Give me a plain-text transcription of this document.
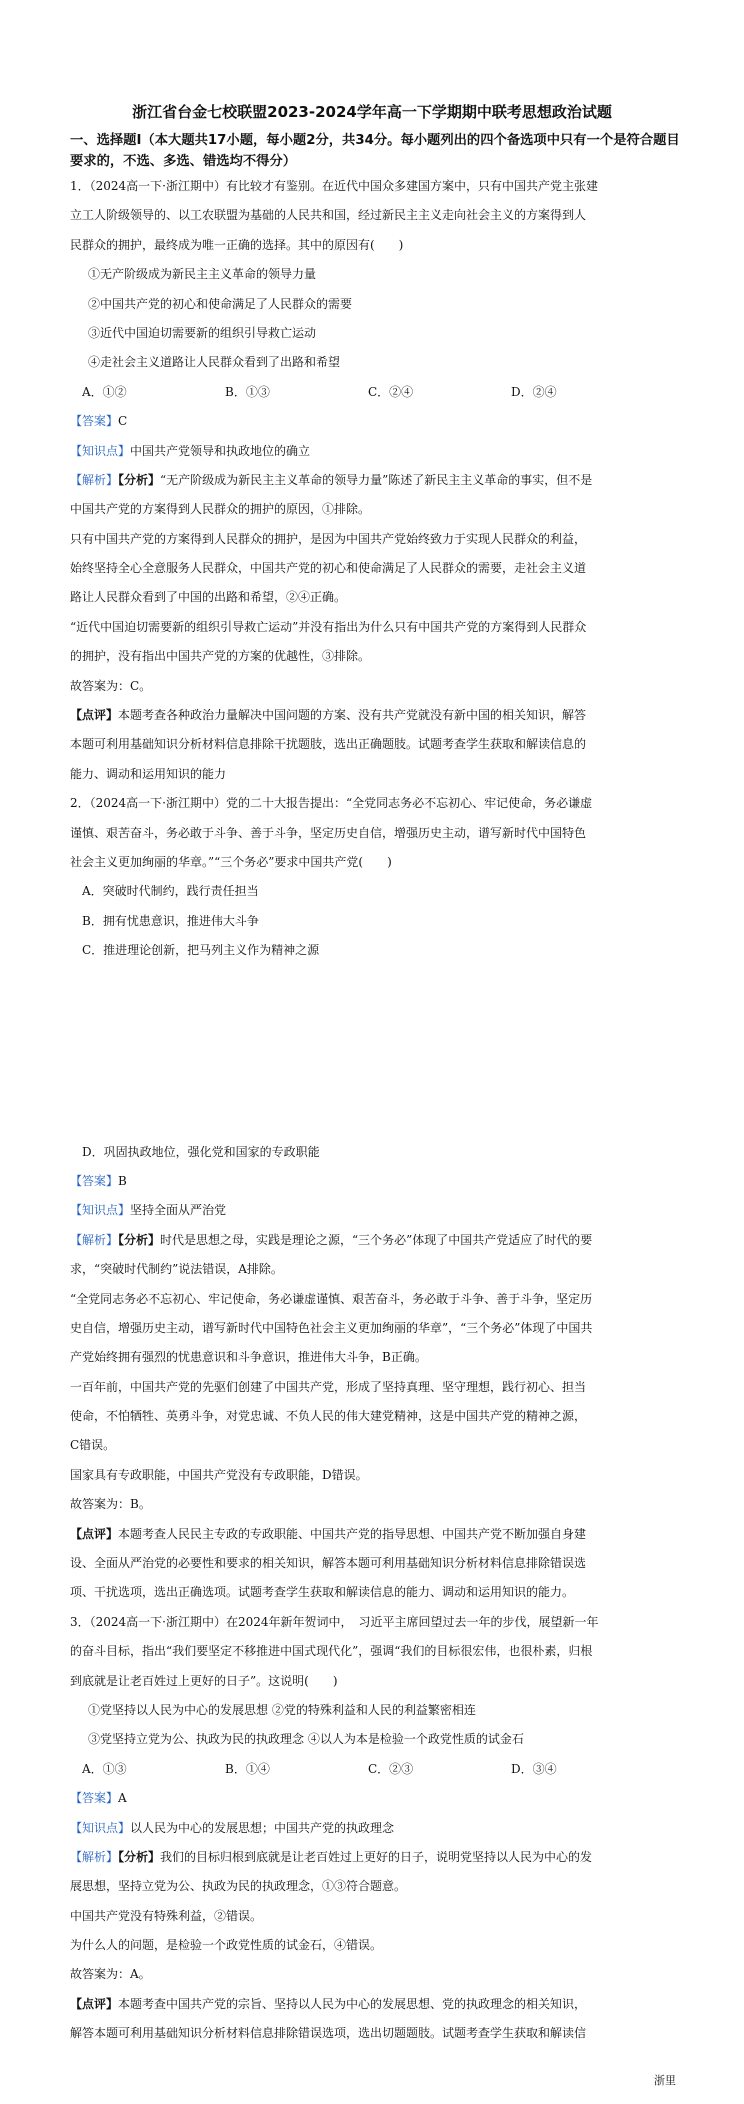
浙江省台金七校联盟2023-2024学年高一下学期期中联考思想政治试题
一、选择题Ⅰ（本大题共17小题，每小题2分，共34分。每小题列出的四个备选项中只有一个是符合题目要求的，不选、多选、错选均不得分）
1．（2024高一下·浙江期中）有比较才有鉴别。在近代中国众多建国方案中，只有中国共产党主张建
立工人阶级领导的、以工农联盟为基础的人民共和国，经过新民主主义走向社会主义的方案得到人
民群众的拥护，最终成为唯一正确的选择。其中的原因有(　　)
①无产阶级成为新民主主义革命的领导力量
②中国共产党的初心和使命满足了人民群众的需要
③近代中国迫切需要新的组织引导救亡运动
④走社会主义道路让人民群众看到了出路和希望
A．①②	B．①③	C．②④	D．②④
【答案】C
【知识点】中国共产党领导和执政地位的确立
【解析】【分析】“无产阶级成为新民主主义革命的领导力量”陈述了新民主主义革命的事实，但不是
中国共产党的方案得到人民群众的拥护的原因，①排除。
只有中国共产党的方案得到人民群众的拥护，是因为中国共产党始终致力于实现人民群众的利益，
始终坚持全心全意服务人民群众，中国共产党的初心和使命满足了人民群众的需要，走社会主义道
路让人民群众看到了中国的出路和希望，②④正确。
“近代中国迫切需要新的组织引导救亡运动”并没有指出为什么只有中国共产党的方案得到人民群众
的拥护，没有指出中国共产党的方案的优越性，③排除。
故答案为：C。
【点评】本题考查各种政治力量解决中国问题的方案、没有共产党就没有新中国的相关知识，解答
本题可利用基础知识分析材料信息排除干扰题肢，选出正确题肢。试题考查学生获取和解读信息的
能力、调动和运用知识的能力
2．（2024高一下·浙江期中）党的二十大报告提出：“全党同志务必不忘初心、牢记使命，务必谦虚
谨慎、艰苦奋斗，务必敢于斗争、善于斗争，坚定历史自信，增强历史主动，谱写新时代中国特色
社会主义更加绚丽的华章。”“三个务必”要求中国共产党(　　)
A．突破时代制约，践行责任担当
B．拥有忧患意识，推进伟大斗争
C．推进理论创新，把马列主义作为精神之源
D．巩固执政地位，强化党和国家的专政职能
【答案】B
【知识点】坚持全面从严治党
【解析】【分析】时代是思想之母，实践是理论之源，“三个务必”体现了中国共产党适应了时代的要
求，“突破时代制约”说法错误，A排除。
“全党同志务必不忘初心、牢记使命，务必谦虚谨慎、艰苦奋斗，务必敢于斗争、善于斗争，坚定历
史自信，增强历史主动，谱写新时代中国特色社会主义更加绚丽的华章”，“三个务必”体现了中国共
产党始终拥有强烈的忧患意识和斗争意识，推进伟大斗争，B正确。
一百年前，中国共产党的先驱们创建了中国共产党，形成了坚持真理、坚守理想，践行初心、担当
使命，不怕牺牲、英勇斗争，对党忠诚、不负人民的伟大建党精神，这是中国共产党的精神之源，
C错误。
国家具有专政职能，中国共产党没有专政职能，D错误。
故答案为：B。
【点评】本题考查人民民主专政的专政职能、中国共产党的指导思想、中国共产党不断加强自身建
设、全面从严治党的必要性和要求的相关知识，解答本题可利用基础知识分析材料信息排除错误选
项、干扰选项，选出正确选项。试题考查学生获取和解读信息的能力、调动和运用知识的能力。
3．（2024高一下·浙江期中）在2024年新年贺词中，　习近平主席回望过去一年的步伐，展望新一年
的奋斗目标，指出“我们要坚定不移推进中国式现代化”，强调“我们的目标很宏伟，也很朴素，归根
到底就是让老百姓过上更好的日子”。这说明(　　)
①党坚持以人民为中心的发展思想 ②党的特殊利益和人民的利益繁密相连
③党坚持立党为公、执政为民的执政理念 ④以人为本是检验一个政党性质的试金石
A．①③	B．①④	C．②③	D．③④
【答案】A
【知识点】以人民为中心的发展思想；中国共产党的执政理念
【解析】【分析】我们的目标归根到底就是让老百姓过上更好的日子，说明党坚持以人民为中心的发
展思想，坚持立党为公、执政为民的执政理念，①③符合题意。
中国共产党没有特殊利益，②错误。
为什么人的问题，是检验一个政党性质的试金石，④错误。
故答案为：A。
【点评】本题考查中国共产党的宗旨、坚持以人民为中心的发展思想、党的执政理念的相关知识，
解答本题可利用基础知识分析材料信息排除错误选项，选出切题题肢。试题考查学生获取和解读信
浙里
